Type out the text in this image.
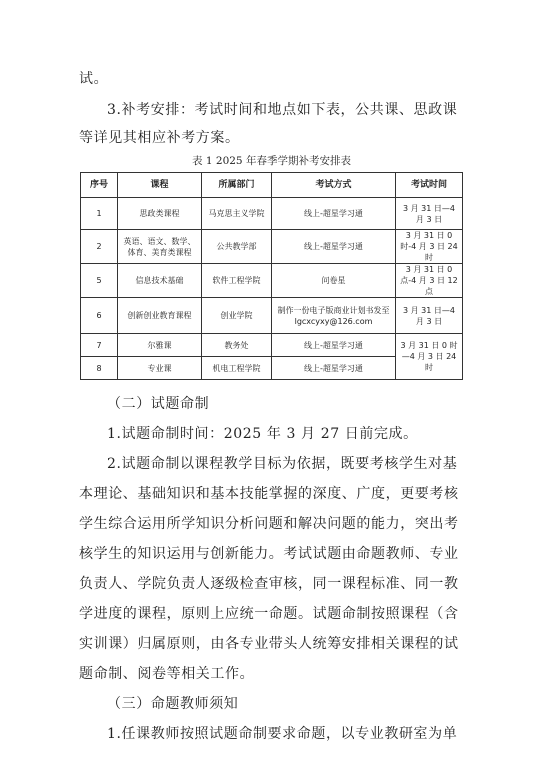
试。
3.补考安排：考试时间和地点如下表，公共课、思政课
等详见其相应补考方案。
表 1 2025 年春季学期补考安排表
序号	课程	所属部门	考试方式	考试时间
1	思政类课程	马克思主义学院	线上-超星学习通	3 月 31 日—4 月 3 日
2	英语、语文、数学、体育、美育类课程	公共教学部	线上-超星学习通	3 月 31 日 0 时-4 月 3 日 24 时
5	信息技术基础	软件工程学院	问卷星	3 月 31 日 0 点-4 月 3 日 12 点
6	创新创业教育课程	创业学院	制作一份电子版商业计划书发至 lgcxcyxy@126.com	3 月 31 日—4 月 3 日
7	尔雅课	教务处	线上-超星学习通	3 月 31 日 0 时—4 月 3 日 24 时
8	专业课	机电工程学院	线上-超星学习通	
（二）试题命制
1.试题命制时间：2025 年 3 月 27 日前完成。
2.试题命制以课程教学目标为依据，既要考核学生对基
本理论、基础知识和基本技能掌握的深度、广度，更要考核
学生综合运用所学知识分析问题和解决问题的能力，突出考
核学生的知识运用与创新能力。考试试题由命题教师、专业
负责人、学院负责人逐级检查审核，同一课程标准、同一教
学进度的课程，原则上应统一命题。试题命制按照课程（含
实训课）归属原则，由各专业带头人统筹安排相关课程的试
题命制、阅卷等相关工作。
（三）命题教师须知
1.任课教师按照试题命制要求命题，以专业教研室为单
